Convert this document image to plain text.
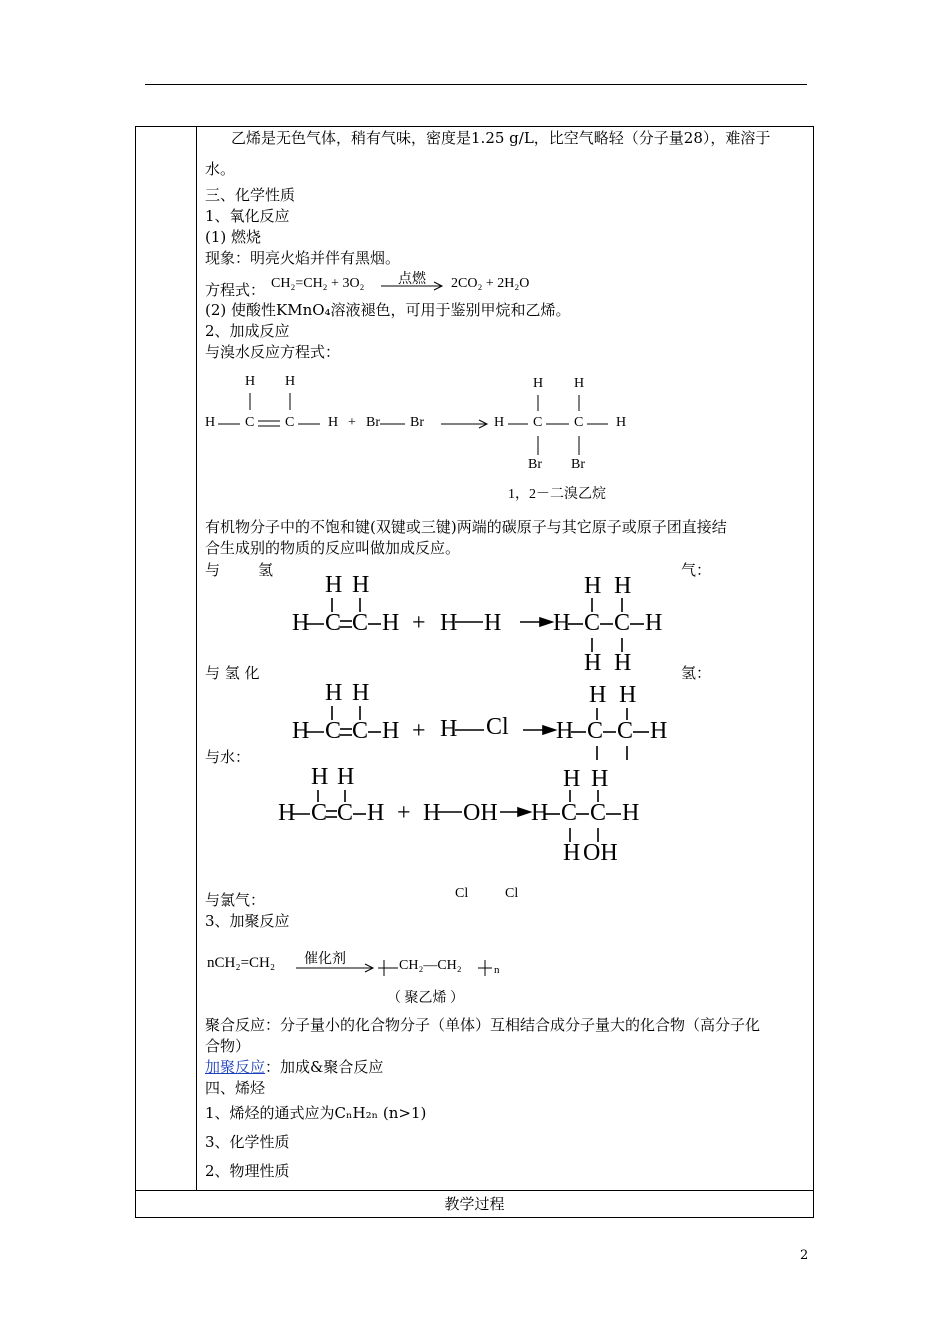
教学过程
乙烯是无色气体，稍有气味，密度是1.25 g/L，比空气略轻（分子量28），难溶于
水。
三、化学性质
1、氧化反应
(1) 燃烧
现象：明亮火焰并伴有黑烟。
方程式： CH₂=CH₂ + 3O₂ 点燃 2CO₂ + 2H₂O
(2) 使酸性KMnO₄溶液褪色，可用于鉴别甲烷和乙烯。
2、加成反应
与溴水反应方程式：
H H
H C C H + Br Br	H C C H
H H
Br Br
1，2－二溴乙烷
有机物分子中的不饱和键(双键或三键)两端的碳原子与其它原子或原子团直接结
合生成别的物质的反应叫做加成反应。
与	氢	气：
H H
H C C H + H H H C C H
H H
H H
与 氢 化	氢：
H H
H C C H + H Cl H C C H
H H
与水：
H H
H C C H + H OH H C C H
H H
H OH
Cl	Cl
与氯气：
3、加聚反应
nCH₂=CH₂ 催化剂	CH₂—CH₂	n
（ 聚乙烯 ）
聚合反应：分子量小的化合物分子（单体）互相结合成分子量大的化合物（高分子化
合物）
加聚反应：加成&聚合反应
四、烯烃
1、烯烃的通式应为CₙH₂ₙ (n>1)
3、化学性质
2、物理性质
2
